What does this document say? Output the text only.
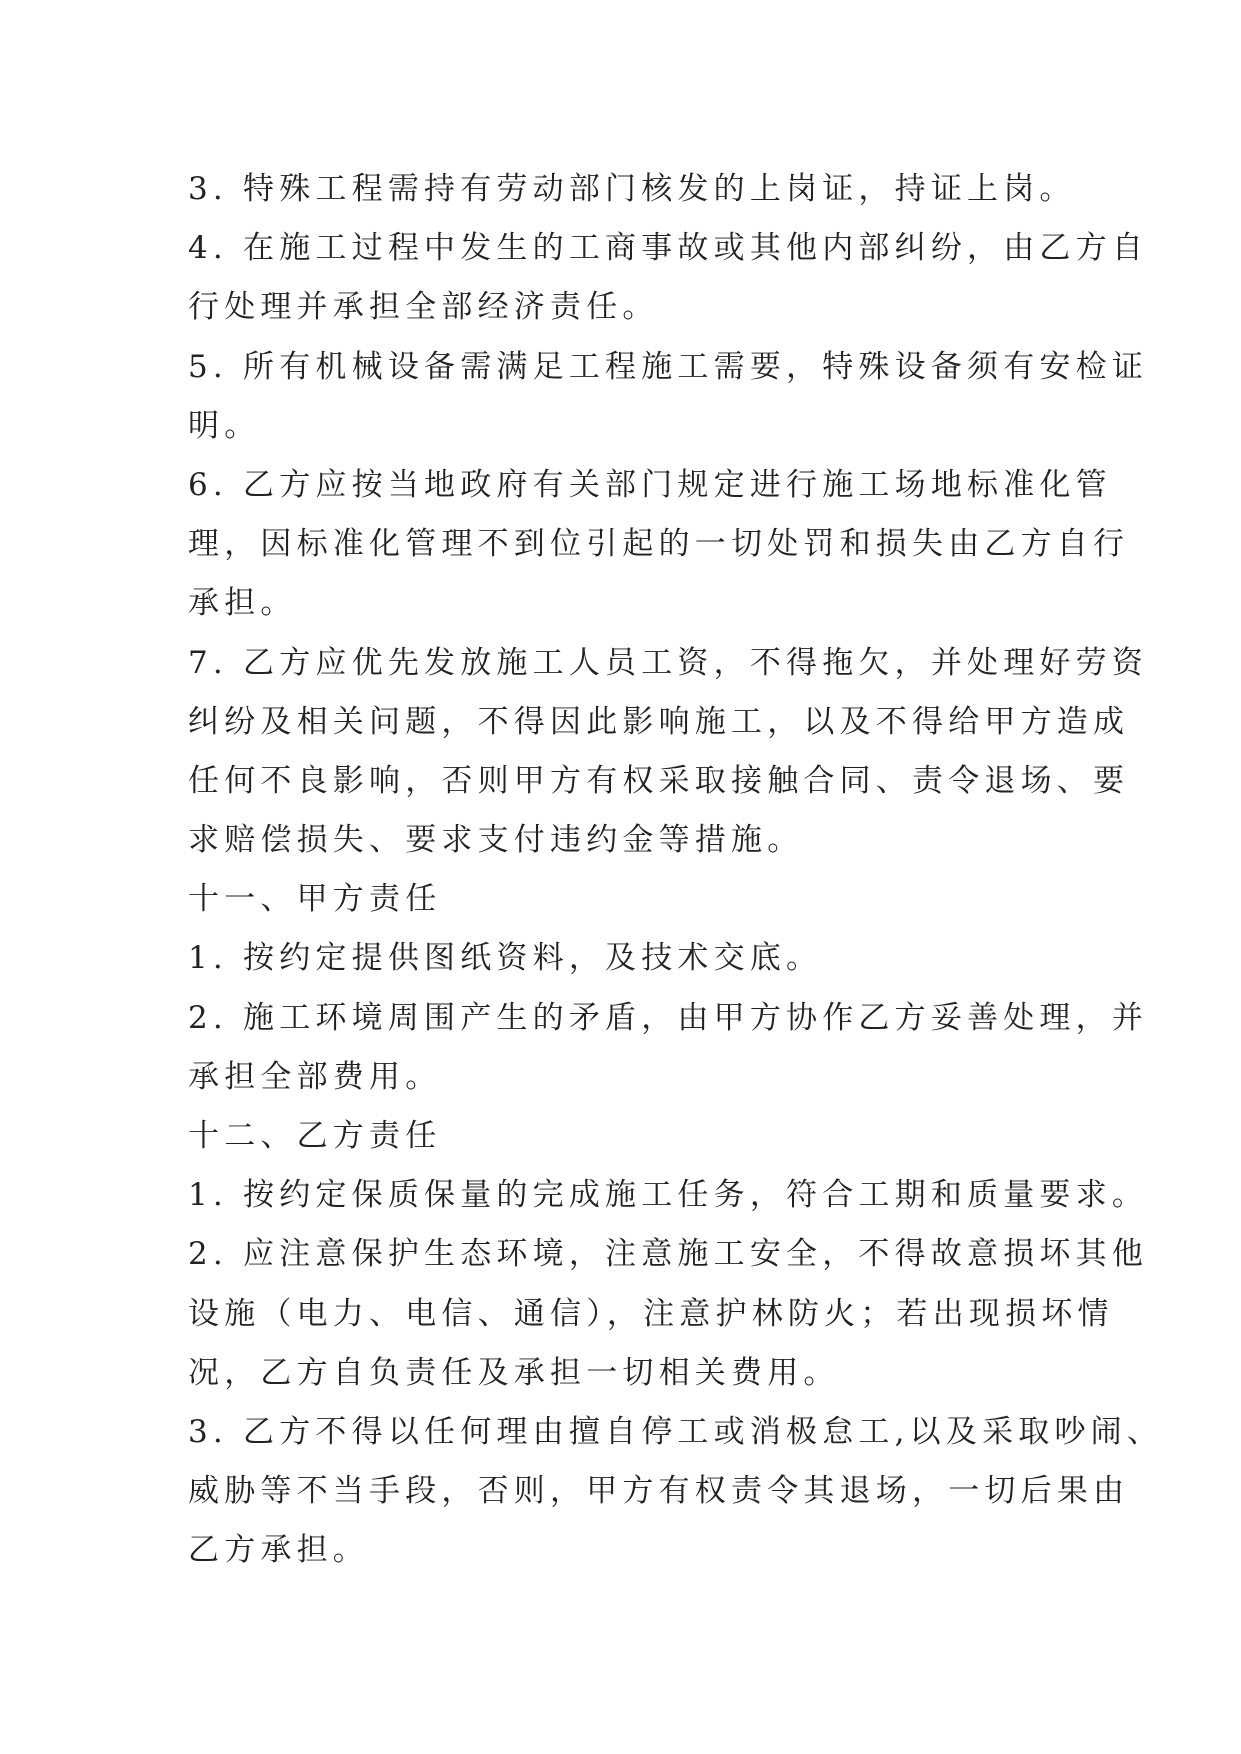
3. 特殊工程需持有劳动部门核发的上岗证，持证上岗。
4. 在施工过程中发生的工商事故或其他内部纠纷，由乙方自
行处理并承担全部经济责任。
5. 所有机械设备需满足工程施工需要，特殊设备须有安检证
明。
6. 乙方应按当地政府有关部门规定进行施工场地标准化管
理，因标准化管理不到位引起的一切处罚和损失由乙方自行
承担。
7. 乙方应优先发放施工人员工资，不得拖欠，并处理好劳资
纠纷及相关问题，不得因此影响施工，以及不得给甲方造成
任何不良影响，否则甲方有权采取接触合同、责令退场、要
求赔偿损失、要求支付违约金等措施。
十一、甲方责任
1. 按约定提供图纸资料，及技术交底。
2. 施工环境周围产生的矛盾，由甲方协作乙方妥善处理，并
承担全部费用。
十二、乙方责任
1. 按约定保质保量的完成施工任务，符合工期和质量要求。
2. 应注意保护生态环境，注意施工安全，不得故意损坏其他
设施（电力、电信、通信），注意护林防火；若出现损坏情
况，乙方自负责任及承担一切相关费用。
3. 乙方不得以任何理由擅自停工或消极怠工,以及采取吵闹、
威胁等不当手段，否则，甲方有权责令其退场，一切后果由
乙方承担。
